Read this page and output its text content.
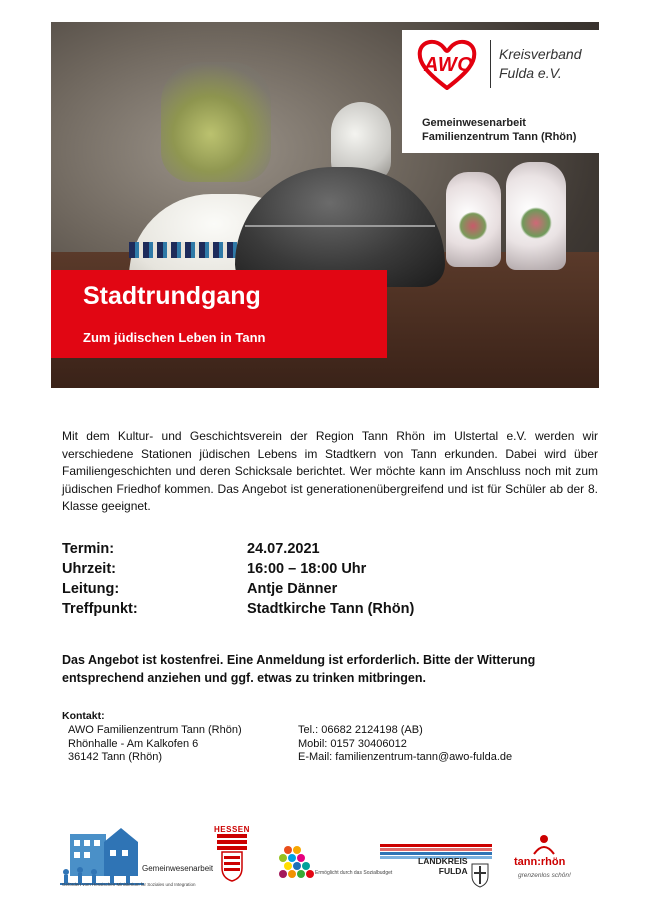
AWO Kreisverband
Fulda e.V.
Gemeinwesenarbeit
Familienzentrum Tann (Rhön)
Stadtrundgang
Zum jüdischen Leben in Tann
Mit dem Kultur- und Geschichtsverein der Region Tann Rhön im Ulstertal e.V. werden wir verschiedene Stationen jüdischen Lebens im Stadtkern von Tann erkunden. Dabei wird über Familiengeschichten und deren Schicksale berichtet. Wer möchte kann im Anschluss noch mit zum jüdischen Friedhof kommen. Das Angebot ist generationenübergreifend und ist für Schüler ab der 8. Klasse geeignet.
Termin:	24.07.2021
Uhrzeit:	16:00 – 18:00 Uhr
Leitung:	Antje Dänner
Treffpunkt:	Stadtkirche Tann (Rhön)
Das Angebot ist kostenfrei. Eine Anmeldung ist erforderlich. Bitte der Witterung entsprechend anziehen und ggf. etwas zu trinken mitbringen.
Kontakt:
AWO Familienzentrum Tann (Rhön)
Rhönhalle - Am Kalkofen 6
36142 Tann (Rhön)
Tel.: 06682 2124198 (AB)
Mobil: 0157 30406012
E-Mail: familienzentrum-tann@awo-fulda.de
Gemeinwesenarbeit
Gefördert vom Hessischen Ministerium für Soziales und Integration
HESSEN
Ermöglicht durch das Sozialbudget
LANDKREIS
FULDA
tann:rhön
grenzenlos schön!
